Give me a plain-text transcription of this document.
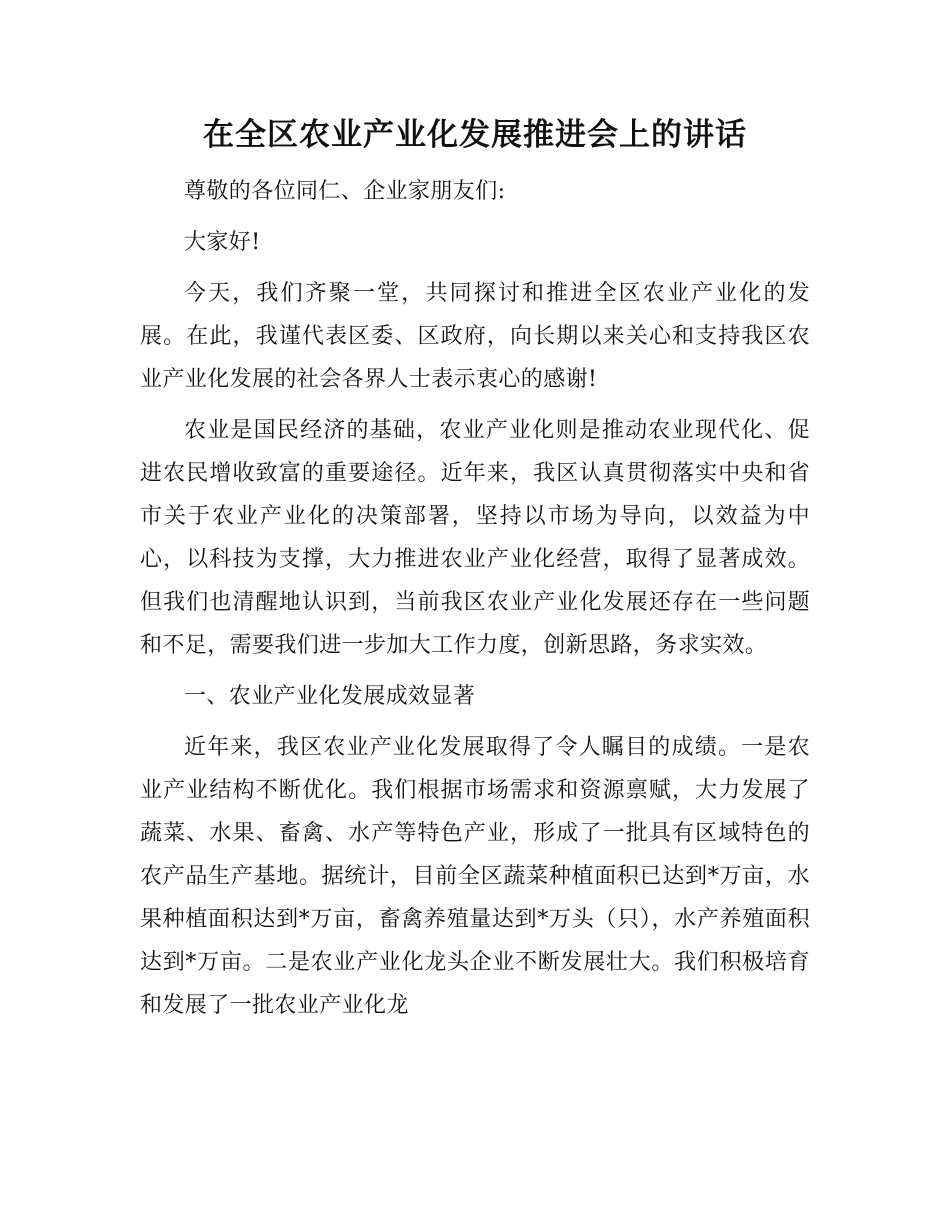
在全区农业产业化发展推进会上的讲话

尊敬的各位同仁、企业家朋友们:

大家好!

今天，我们齐聚一堂，共同探讨和推进全区农业产业化的发展。在此，我谨代表区委、区政府，向长期以来关心和支持我区农业产业化发展的社会各界人士表示衷心的感谢!

农业是国民经济的基础，农业产业化则是推动农业现代化、促进农民增收致富的重要途径。近年来，我区认真贯彻落实中央和省市关于农业产业化的决策部署，坚持以市场为导向，以效益为中心，以科技为支撑，大力推进农业产业化经营，取得了显著成效。但我们也清醒地认识到，当前我区农业产业化发展还存在一些问题和不足，需要我们进一步加大工作力度，创新思路，务求实效。

一、农业产业化发展成效显著

近年来，我区农业产业化发展取得了令人瞩目的成绩。一是农业产业结构不断优化。我们根据市场需求和资源禀赋，大力发展了蔬菜、水果、畜禽、水产等特色产业，形成了一批具有区域特色的农产品生产基地。据统计，目前全区蔬菜种植面积已达到*万亩，水果种植面积达到*万亩，畜禽养殖量达到*万头（只），水产养殖面积达到*万亩。二是农业产业化龙头企业不断发展壮大。我们积极培育和发展了一批农业产业化龙
